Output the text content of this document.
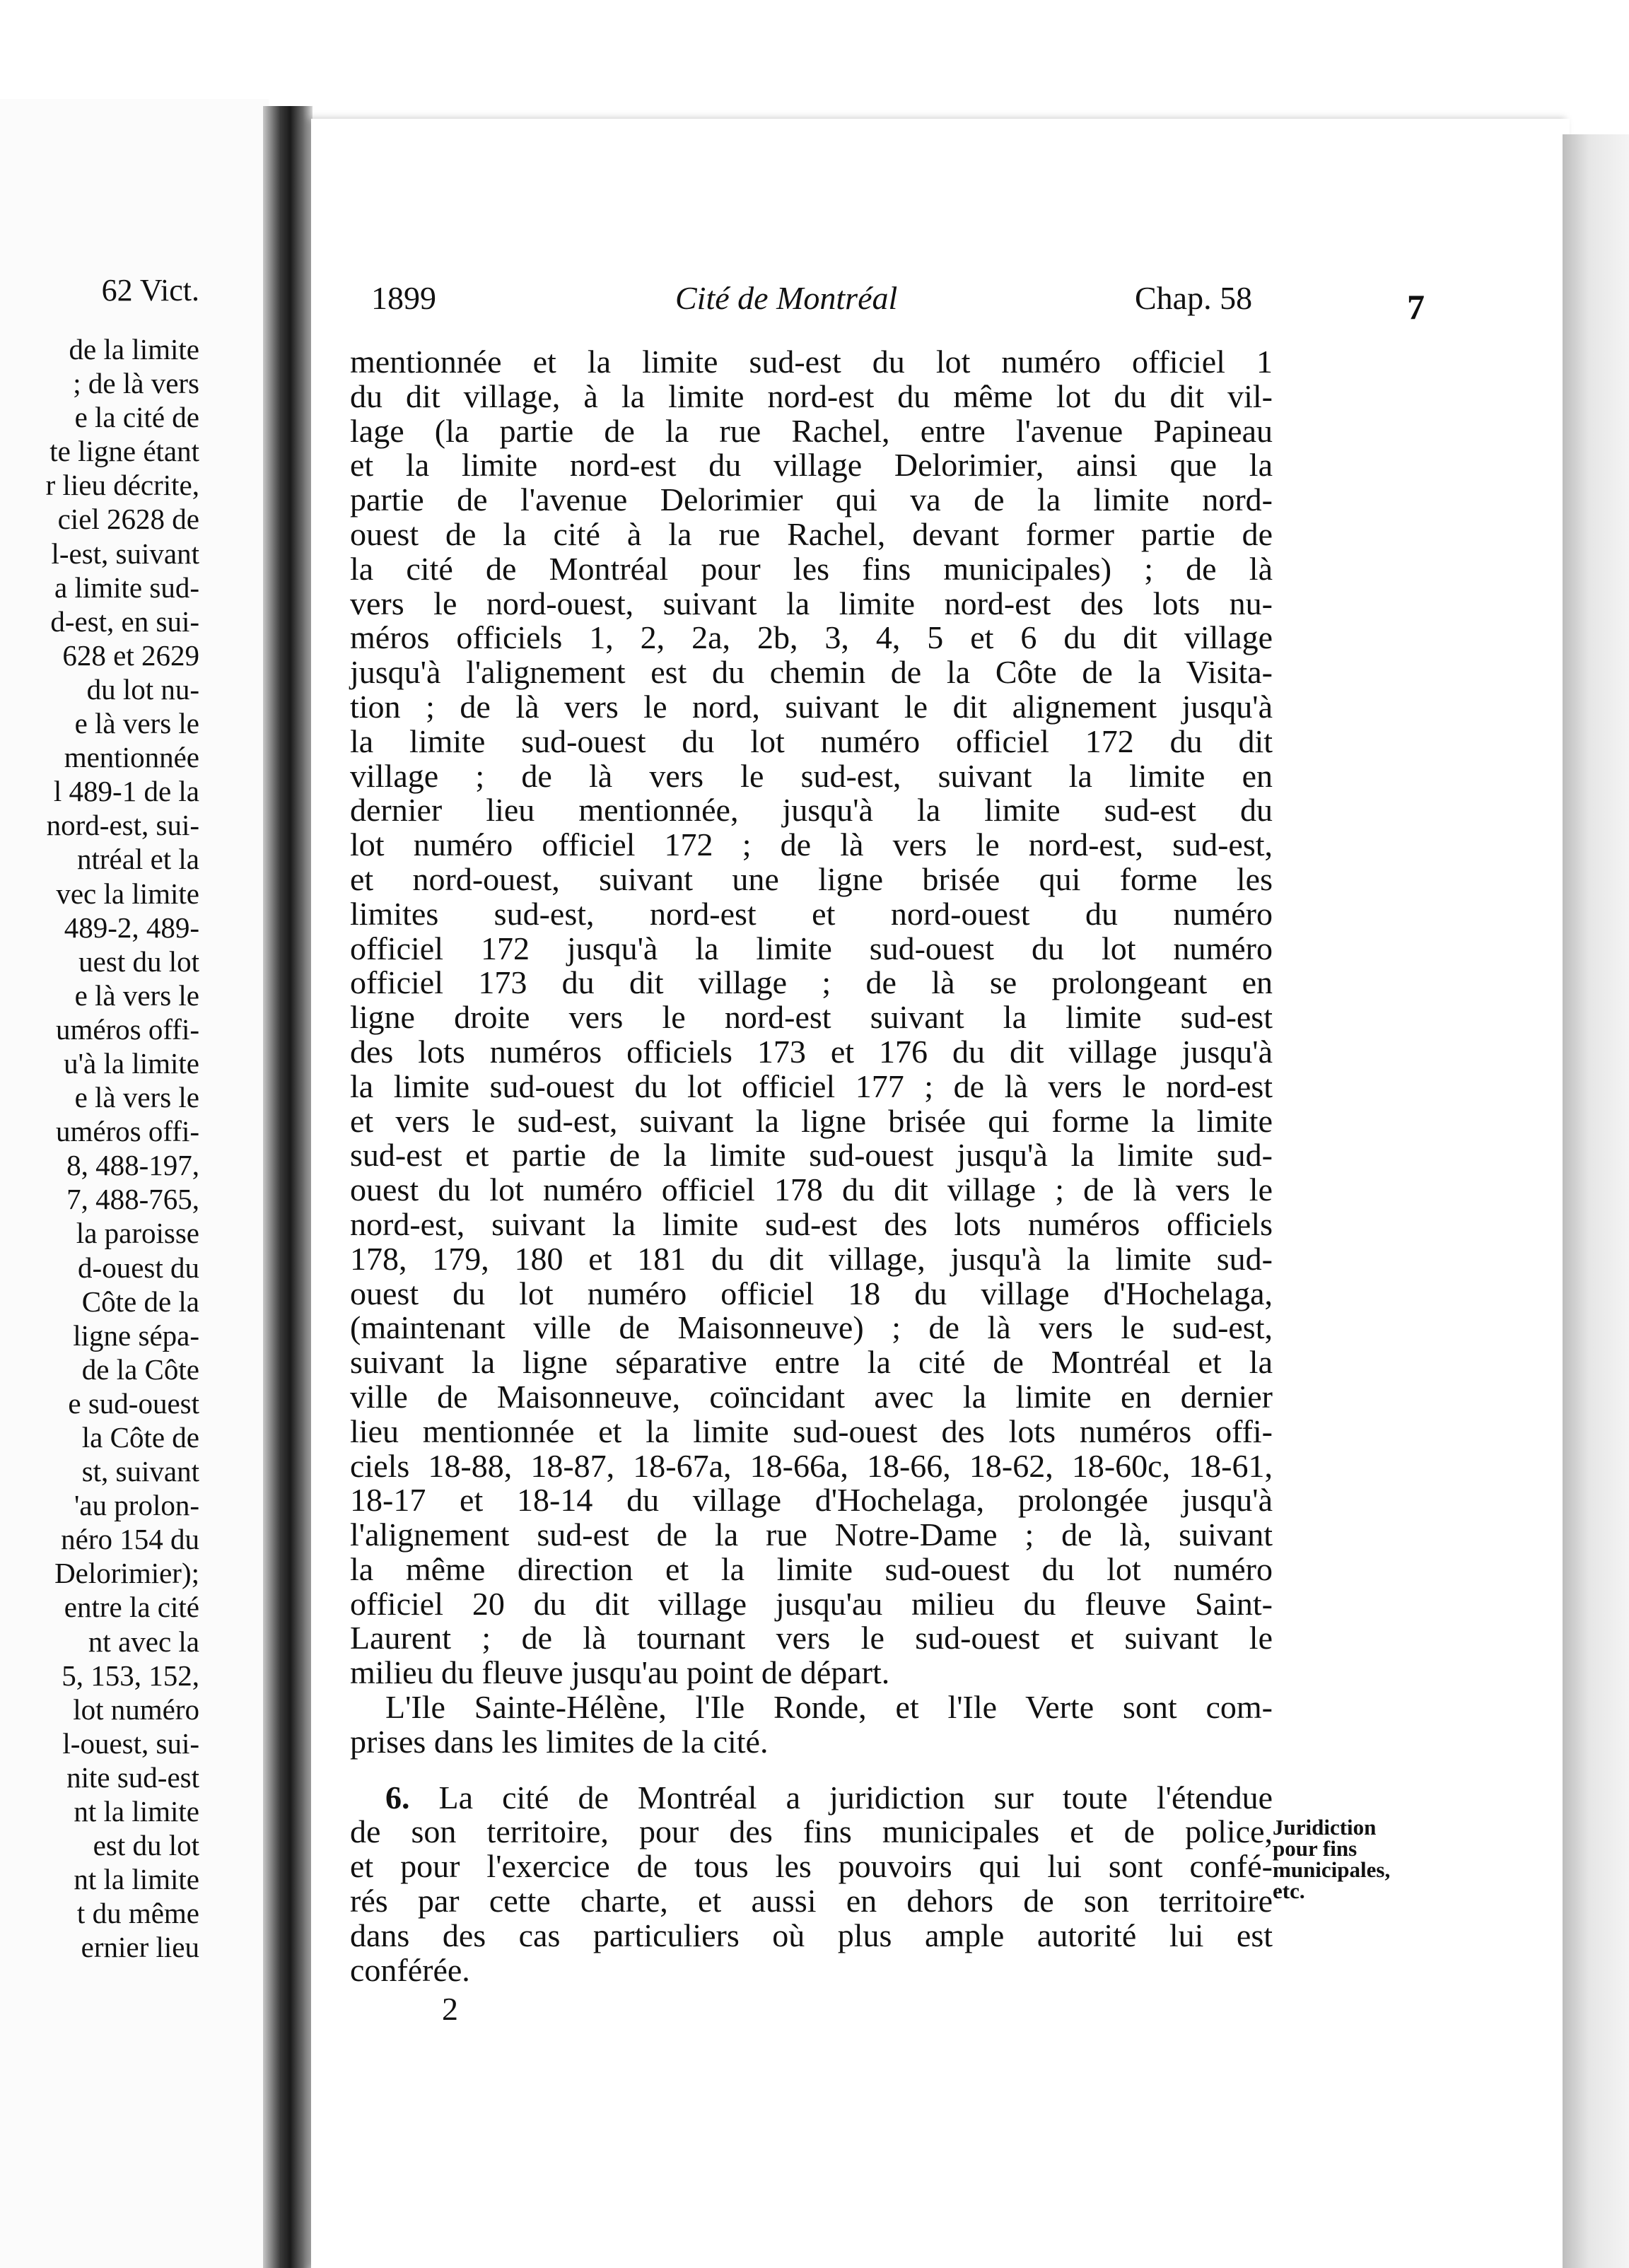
62 Vict.
de la limite
; de là vers
e la cité de
te ligne étant
r lieu décrite,
ciel 2628 de
l-est, suivant
a limite sud-
d-est, en sui-
628 et 2629
du lot nu-
e là vers le
mentionnée
l 489-1 de la
nord-est, sui-
ntréal et la
vec la limite
489-2, 489-
uest du lot
e là vers le
uméros offi-
u'à la limite
e là vers le
uméros offi-
8, 488-197,
7, 488-765,
la paroisse
d-ouest du
Côte de la
ligne sépa-
de la Côte
e sud-ouest
la Côte de
st, suivant
'au prolon-
néro 154 du
Delorimier);
entre la cité
nt avec la
5, 153, 152,
lot numéro
l-ouest, sui-
nite sud-est
nt la limite
est du lot
nt la limite
t du même
ernier lieu
1899	Cité de Montréal	Chap. 58	7
mentionnée et la limite sud-est du lot numéro officiel 1
du dit village, à la limite nord-est du même lot du dit vil-
lage (la partie de la rue Rachel, entre l'avenue Papineau
et la limite nord-est du village Delorimier, ainsi que la
partie de l'avenue Delorimier qui va de la limite nord-
ouest de la cité à la rue Rachel, devant former partie de
la cité de Montréal pour les fins municipales) ; de là
vers le nord-ouest, suivant la limite nord-est des lots nu-
méros officiels 1, 2, 2a, 2b, 3, 4, 5 et 6 du dit village
jusqu'à l'alignement est du chemin de la Côte de la Visita-
tion ; de là vers le nord, suivant le dit alignement jusqu'à
la limite sud-ouest du lot numéro officiel 172 du dit
village ; de là vers le sud-est, suivant la limite en
dernier lieu mentionnée, jusqu'à la limite sud-est du
lot numéro officiel 172 ; de là vers le nord-est, sud-est,
et nord-ouest, suivant une ligne brisée qui forme les
limites sud-est, nord-est et nord-ouest du numéro
officiel 172 jusqu'à la limite sud-ouest du lot numéro
officiel 173 du dit village ; de là se prolongeant en
ligne droite vers le nord-est suivant la limite sud-est
des lots numéros officiels 173 et 176 du dit village jusqu'à
la limite sud-ouest du lot officiel 177 ; de là vers le nord-est
et vers le sud-est, suivant la ligne brisée qui forme la limite
sud-est et partie de la limite sud-ouest jusqu'à la limite sud-
ouest du lot numéro officiel 178 du dit village ; de là vers le
nord-est, suivant la limite sud-est des lots numéros officiels
178, 179, 180 et 181 du dit village, jusqu'à la limite sud-
ouest du lot numéro officiel 18 du village d'Hochelaga,
(maintenant ville de Maisonneuve) ; de là vers le sud-est,
suivant la ligne séparative entre la cité de Montréal et la
ville de Maisonneuve, coïncidant avec la limite en dernier
lieu mentionnée et la limite sud-ouest des lots numéros offi-
ciels 18-88, 18-87, 18-67a, 18-66a, 18-66, 18-62, 18-60c, 18-61,
18-17 et 18-14 du village d'Hochelaga, prolongée jusqu'à
l'alignement sud-est de la rue Notre-Dame ; de là, suivant
la même direction et la limite sud-ouest du lot numéro
officiel 20 du dit village jusqu'au milieu du fleuve Saint-
Laurent ; de là tournant vers le sud-ouest et suivant le
milieu du fleuve jusqu'au point de départ.
L'Ile Sainte-Hélène, l'Ile Ronde, et l'Ile Verte sont com-
prises dans les limites de la cité.
6. La cité de Montréal a juridiction sur toute l'étendue
de son territoire, pour des fins municipales et de police,
et pour l'exercice de tous les pouvoirs qui lui sont confé-
rés par cette charte, et aussi en dehors de son territoire
dans des cas particuliers où plus ample autorité lui est
conférée.
Juridiction
pour fins
municipales,
etc.
2
